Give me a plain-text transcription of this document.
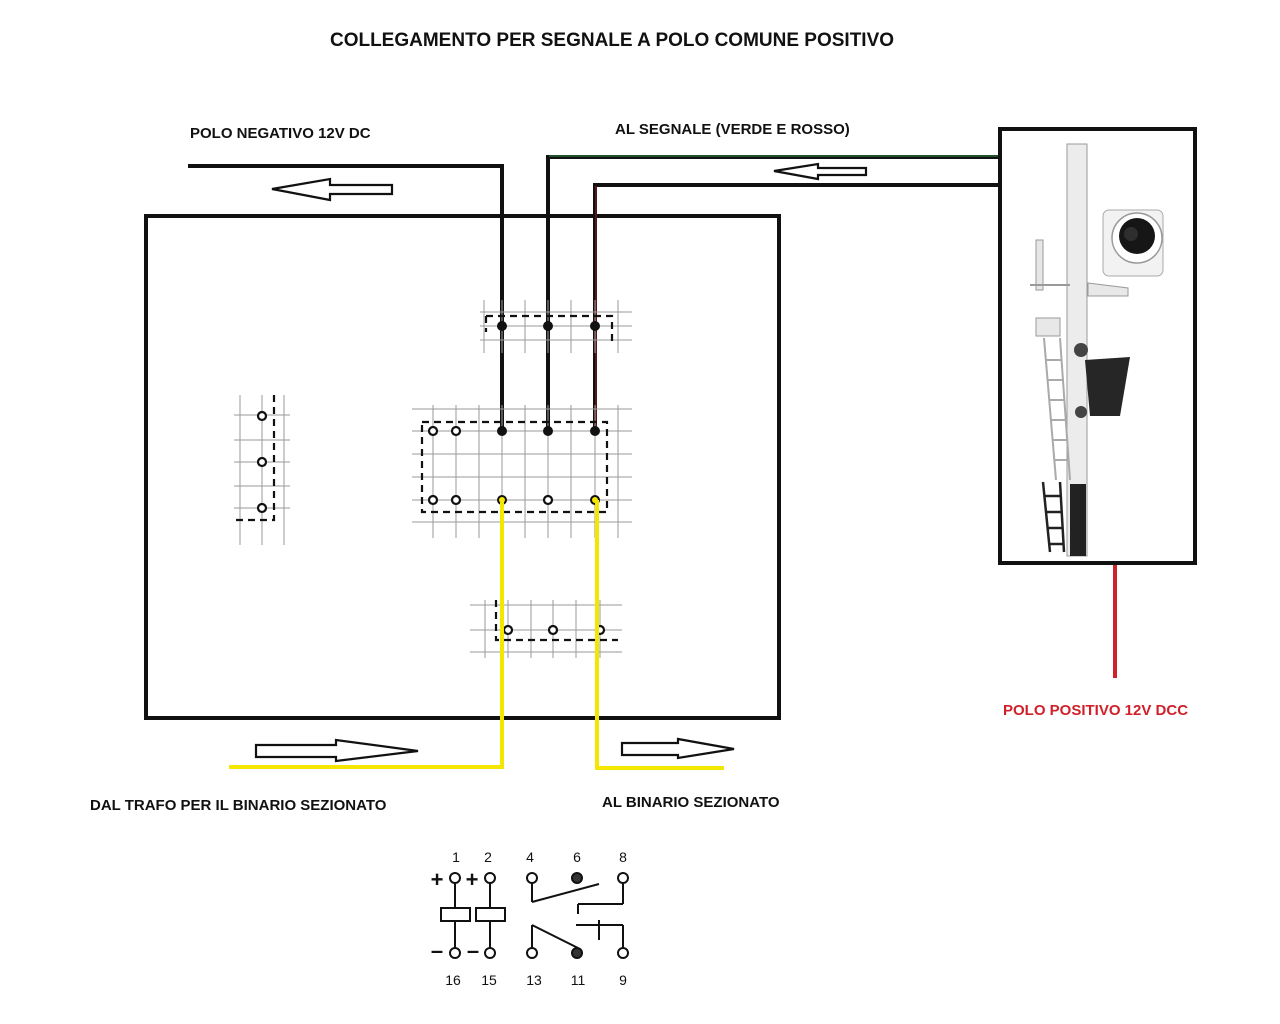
COLLEGAMENTO PER SEGNALE A POLO COMUNE POSITIVO
POLO NEGATIVO 12V DC	AL SEGNALE (VERDE E ROSSO)
DAL TRAFO PER IL BINARIO SEZIONATO	AL BINARIO SEZIONATO
POLO POSITIVO 12V DCC
1 2 4	6	8
16 15 13 11 9
+ +
– –
